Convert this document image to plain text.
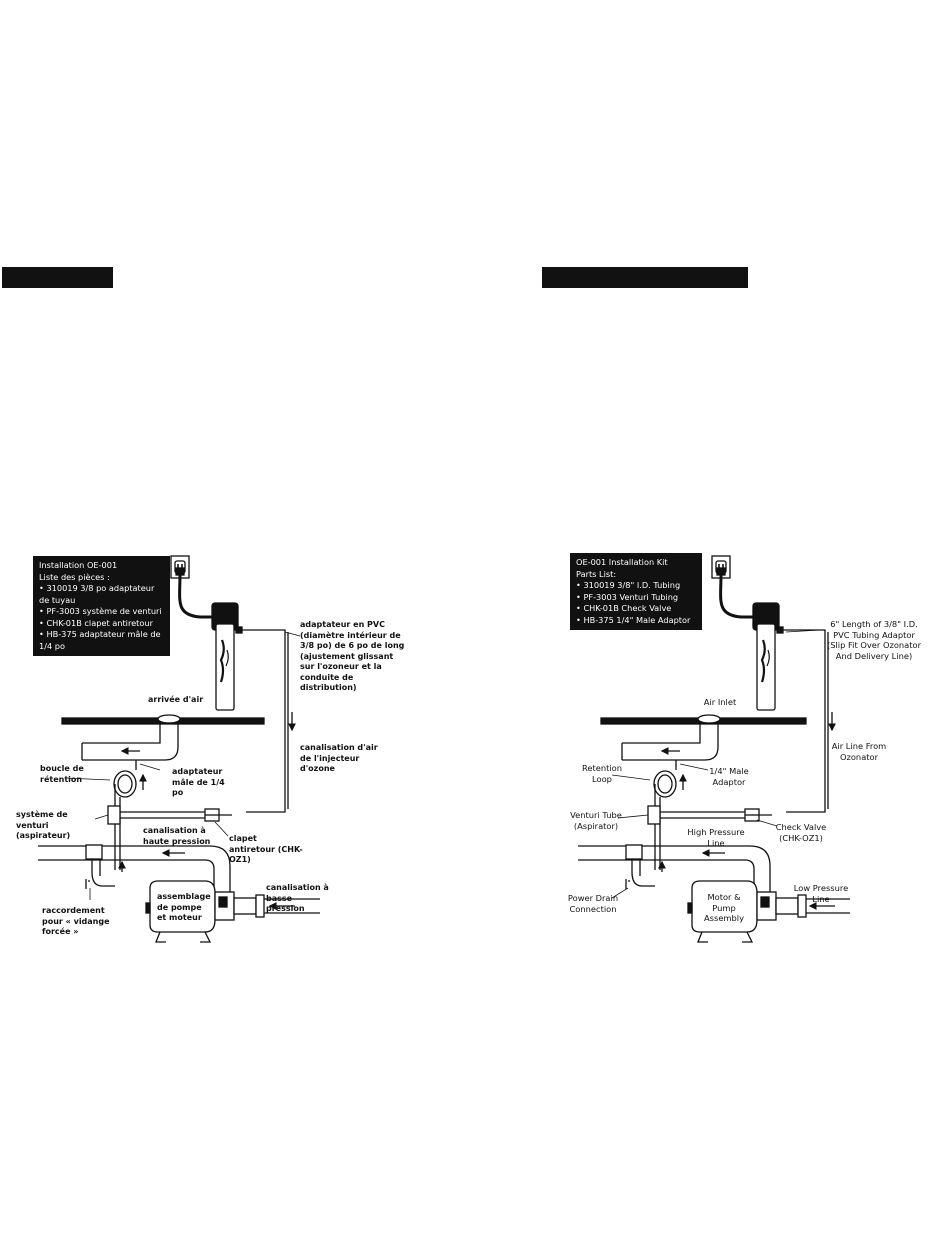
Installation OE-001
Liste des pièces :
• 310019 3/8 po adaptateur de tuyau
• PF-3003 système de venturi
• CHK-01B clapet antiretour
• HB-375 adaptateur mâle de 1/4 po
OE-001 Installation Kit
Parts List:
• 310019 3/8" I.D. Tubing
• PF-3003 Venturi Tubing
• CHK-01B Check Valve
• HB-375 1/4" Male Adaptor
adaptateur en PVC (diamètre intérieur de 3/8 po) de 6 po de long (ajustement glissant sur l'ozoneur et la conduite de distribution)
arrivée d'air
canalisation d'air de l'injecteur d'ozone
boucle de rétention
adaptateur mâle de 1/4 po
système de venturi (aspirateur)
canalisation à haute pression clapet antiretour (CHK-OZ1)
assemblage de pompe et moteur
canalisation à basse pression
raccordement pour « vidange forcée »
6" Length of 3/8" I.D. PVC Tubing Adaptor (Slip Fit Over Ozonator And Delivery Line)
Air Inlet
Air Line From Ozonator
Retention Loop
1/4" Male Adaptor
Venturi Tube (Aspirator)
High Pressure Line
Check Valve (CHK-OZ1)
Motor & Pump Assembly
Low Pressure Line
Power Drain Connection
